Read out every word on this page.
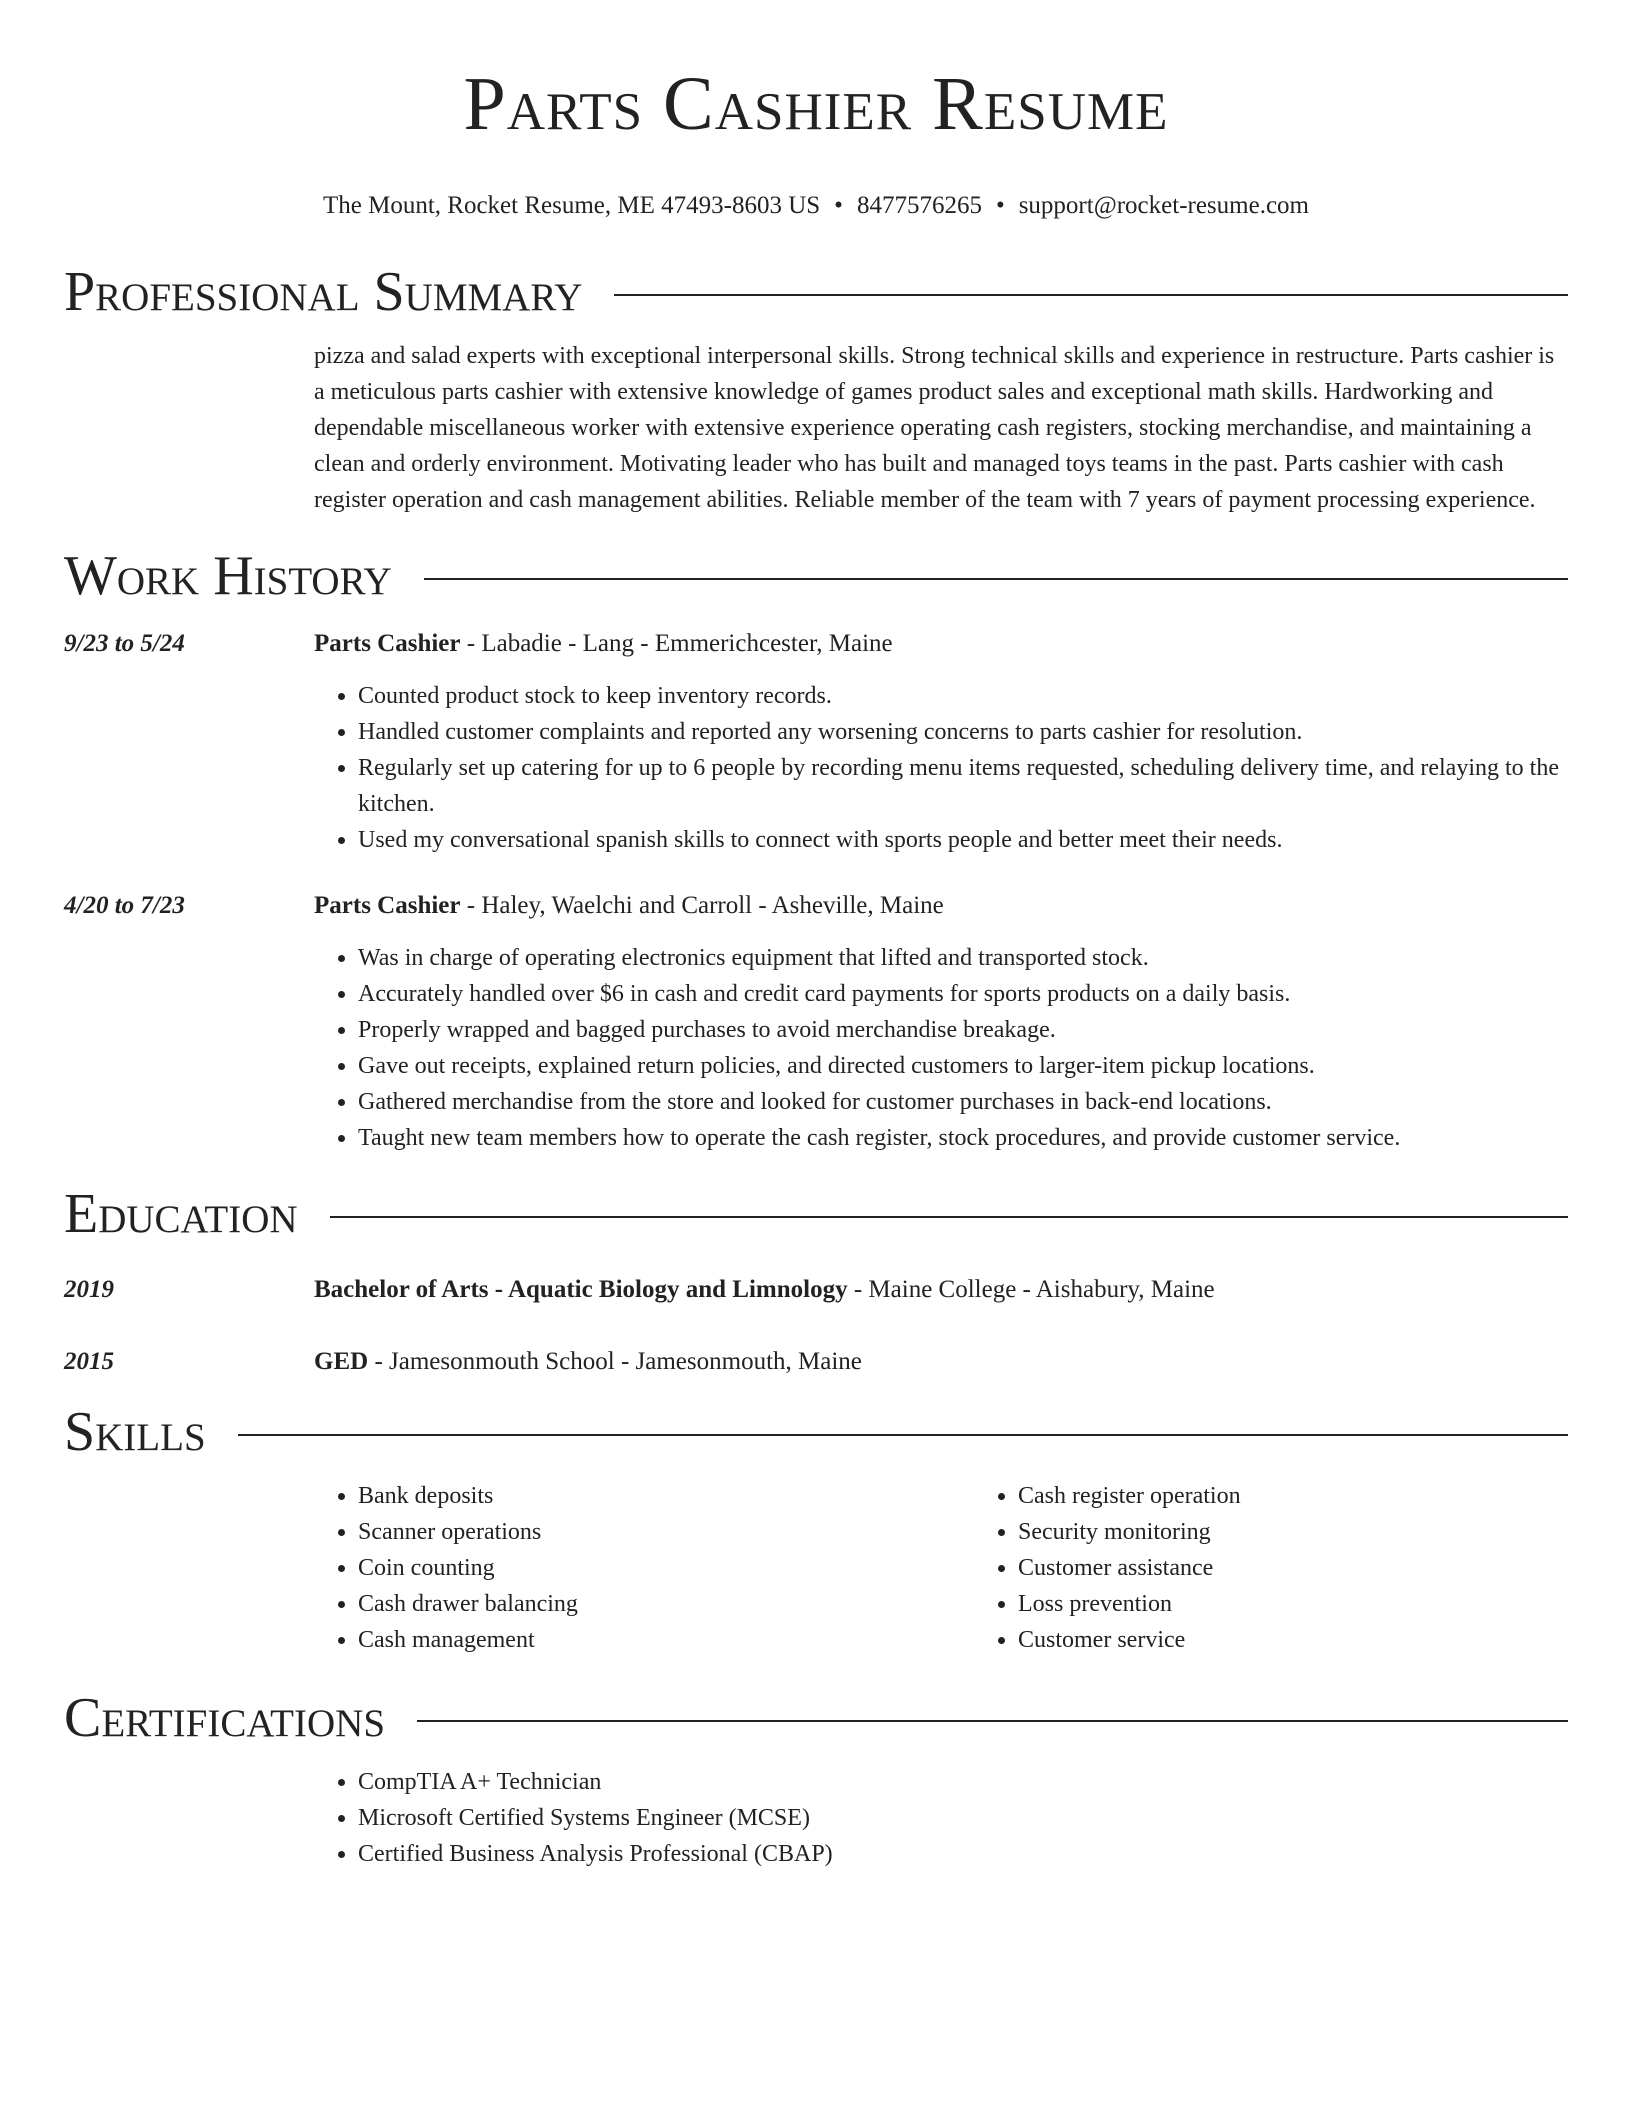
Parts Cashier Resume
The Mount, Rocket Resume, ME 47493-8603 US • 8477576265 • support@rocket-resume.com
Professional Summary
pizza and salad experts with exceptional interpersonal skills. Strong technical skills and experience in restructure. Parts cashier is a meticulous parts cashier with extensive knowledge of games product sales and exceptional math skills. Hardworking and dependable miscellaneous worker with extensive experience operating cash registers, stocking merchandise, and maintaining a clean and orderly environment. Motivating leader who has built and managed toys teams in the past. Parts cashier with cash register operation and cash management abilities. Reliable member of the team with 7 years of payment processing experience.
Work History
9/23 to 5/24	Parts Cashier - Labadie - Lang - Emmerichcester, Maine
• Counted product stock to keep inventory records.
• Handled customer complaints and reported any worsening concerns to parts cashier for resolution.
• Regularly set up catering for up to 6 people by recording menu items requested, scheduling delivery time, and relaying to the kitchen.
• Used my conversational spanish skills to connect with sports people and better meet their needs.
4/20 to 7/23	Parts Cashier - Haley, Waelchi and Carroll - Asheville, Maine
• Was in charge of operating electronics equipment that lifted and transported stock.
• Accurately handled over $6 in cash and credit card payments for sports products on a daily basis.
• Properly wrapped and bagged purchases to avoid merchandise breakage.
• Gave out receipts, explained return policies, and directed customers to larger-item pickup locations.
• Gathered merchandise from the store and looked for customer purchases in back-end locations.
• Taught new team members how to operate the cash register, stock procedures, and provide customer service.
Education
2019	Bachelor of Arts - Aquatic Biology and Limnology - Maine College - Aishabury, Maine
2015	GED - Jamesonmouth School - Jamesonmouth, Maine
Skills
• Bank deposits
• Scanner operations
• Coin counting
• Cash drawer balancing
• Cash management
• Cash register operation
• Security monitoring
• Customer assistance
• Loss prevention
• Customer service
Certifications
• CompTIA A+ Technician
• Microsoft Certified Systems Engineer (MCSE)
• Certified Business Analysis Professional (CBAP)
